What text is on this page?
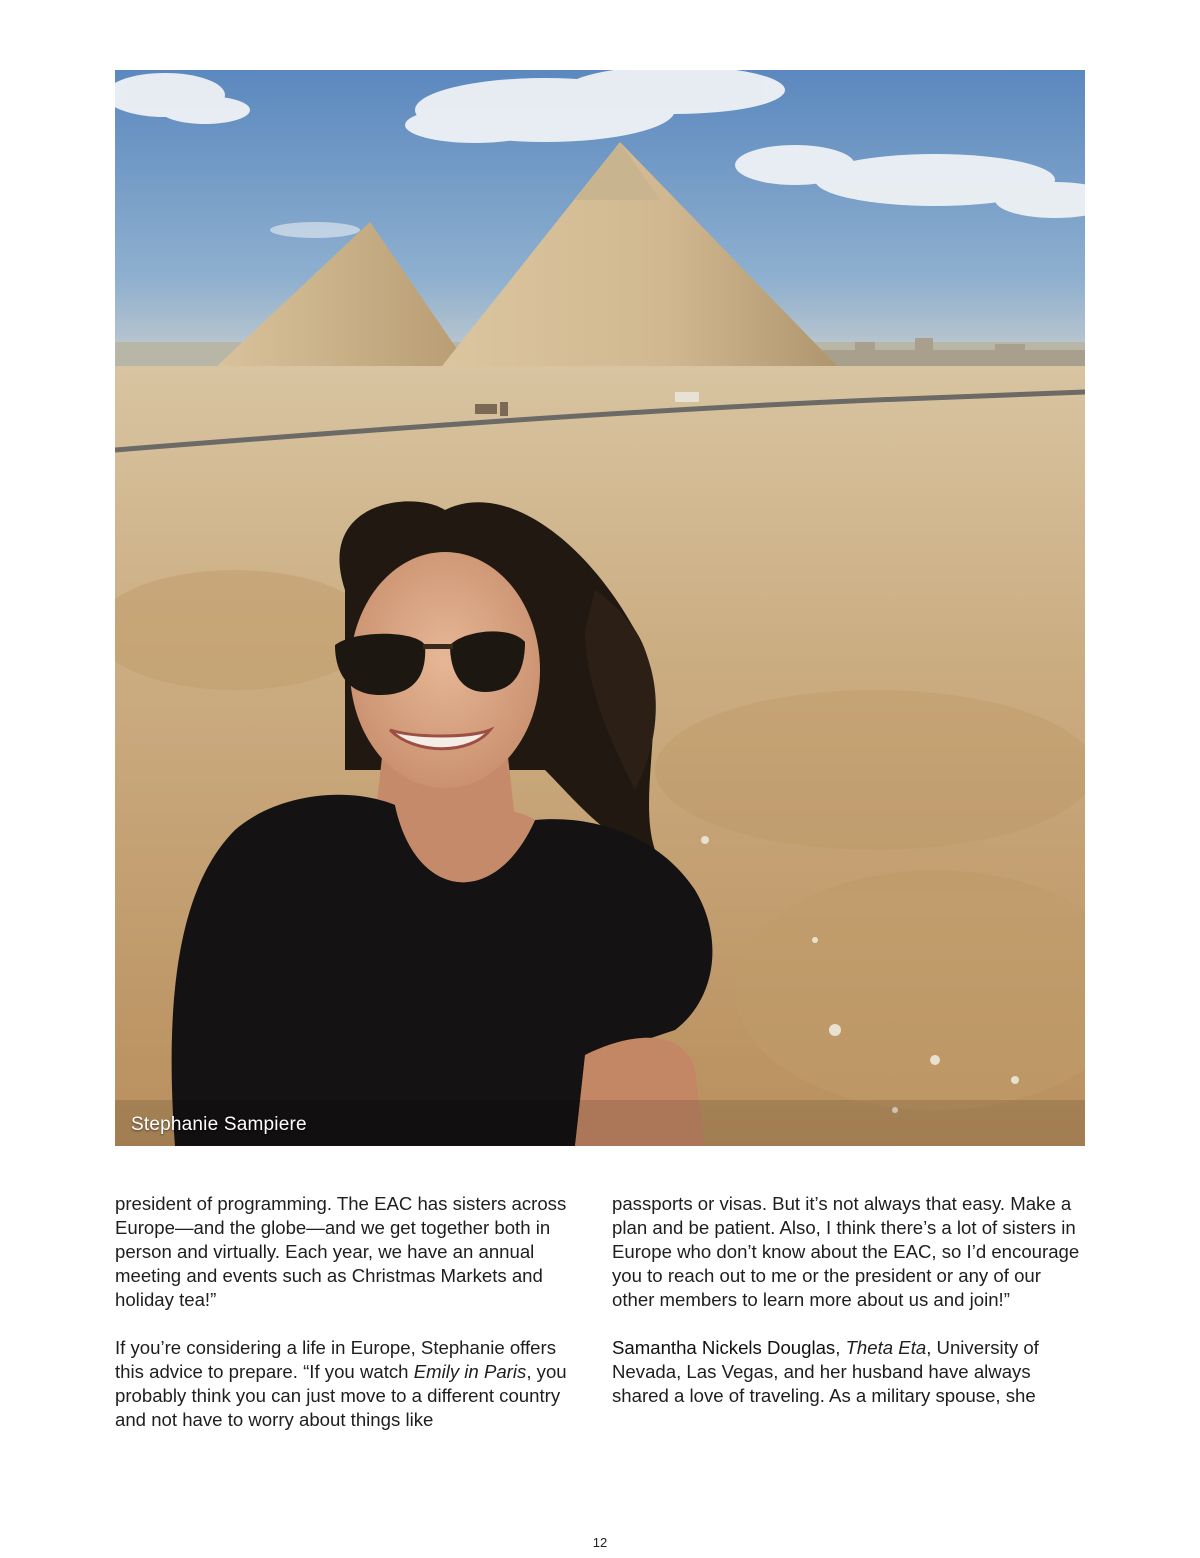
Stephanie Sampiere

president of programming. The EAC has sisters across Europe—and the globe—and we get together both in person and virtually. Each year, we have an annual meeting and events such as Christmas Markets and holiday tea!”

If you’re considering a life in Europe, Stephanie offers this advice to prepare. “If you watch Emily in Paris, you probably think you can just move to a different country and not have to worry about things like

passports or visas. But it’s not always that easy. Make a plan and be patient. Also, I think there’s a lot of sisters in Europe who don’t know about the EAC, so I’d encourage you to reach out to me or the president or any of our other members to learn more about us and join!”

Samantha Nickels Douglas, Theta Eta, University of Nevada, Las Vegas, and her husband have always shared a love of traveling. As a military spouse, she

12
